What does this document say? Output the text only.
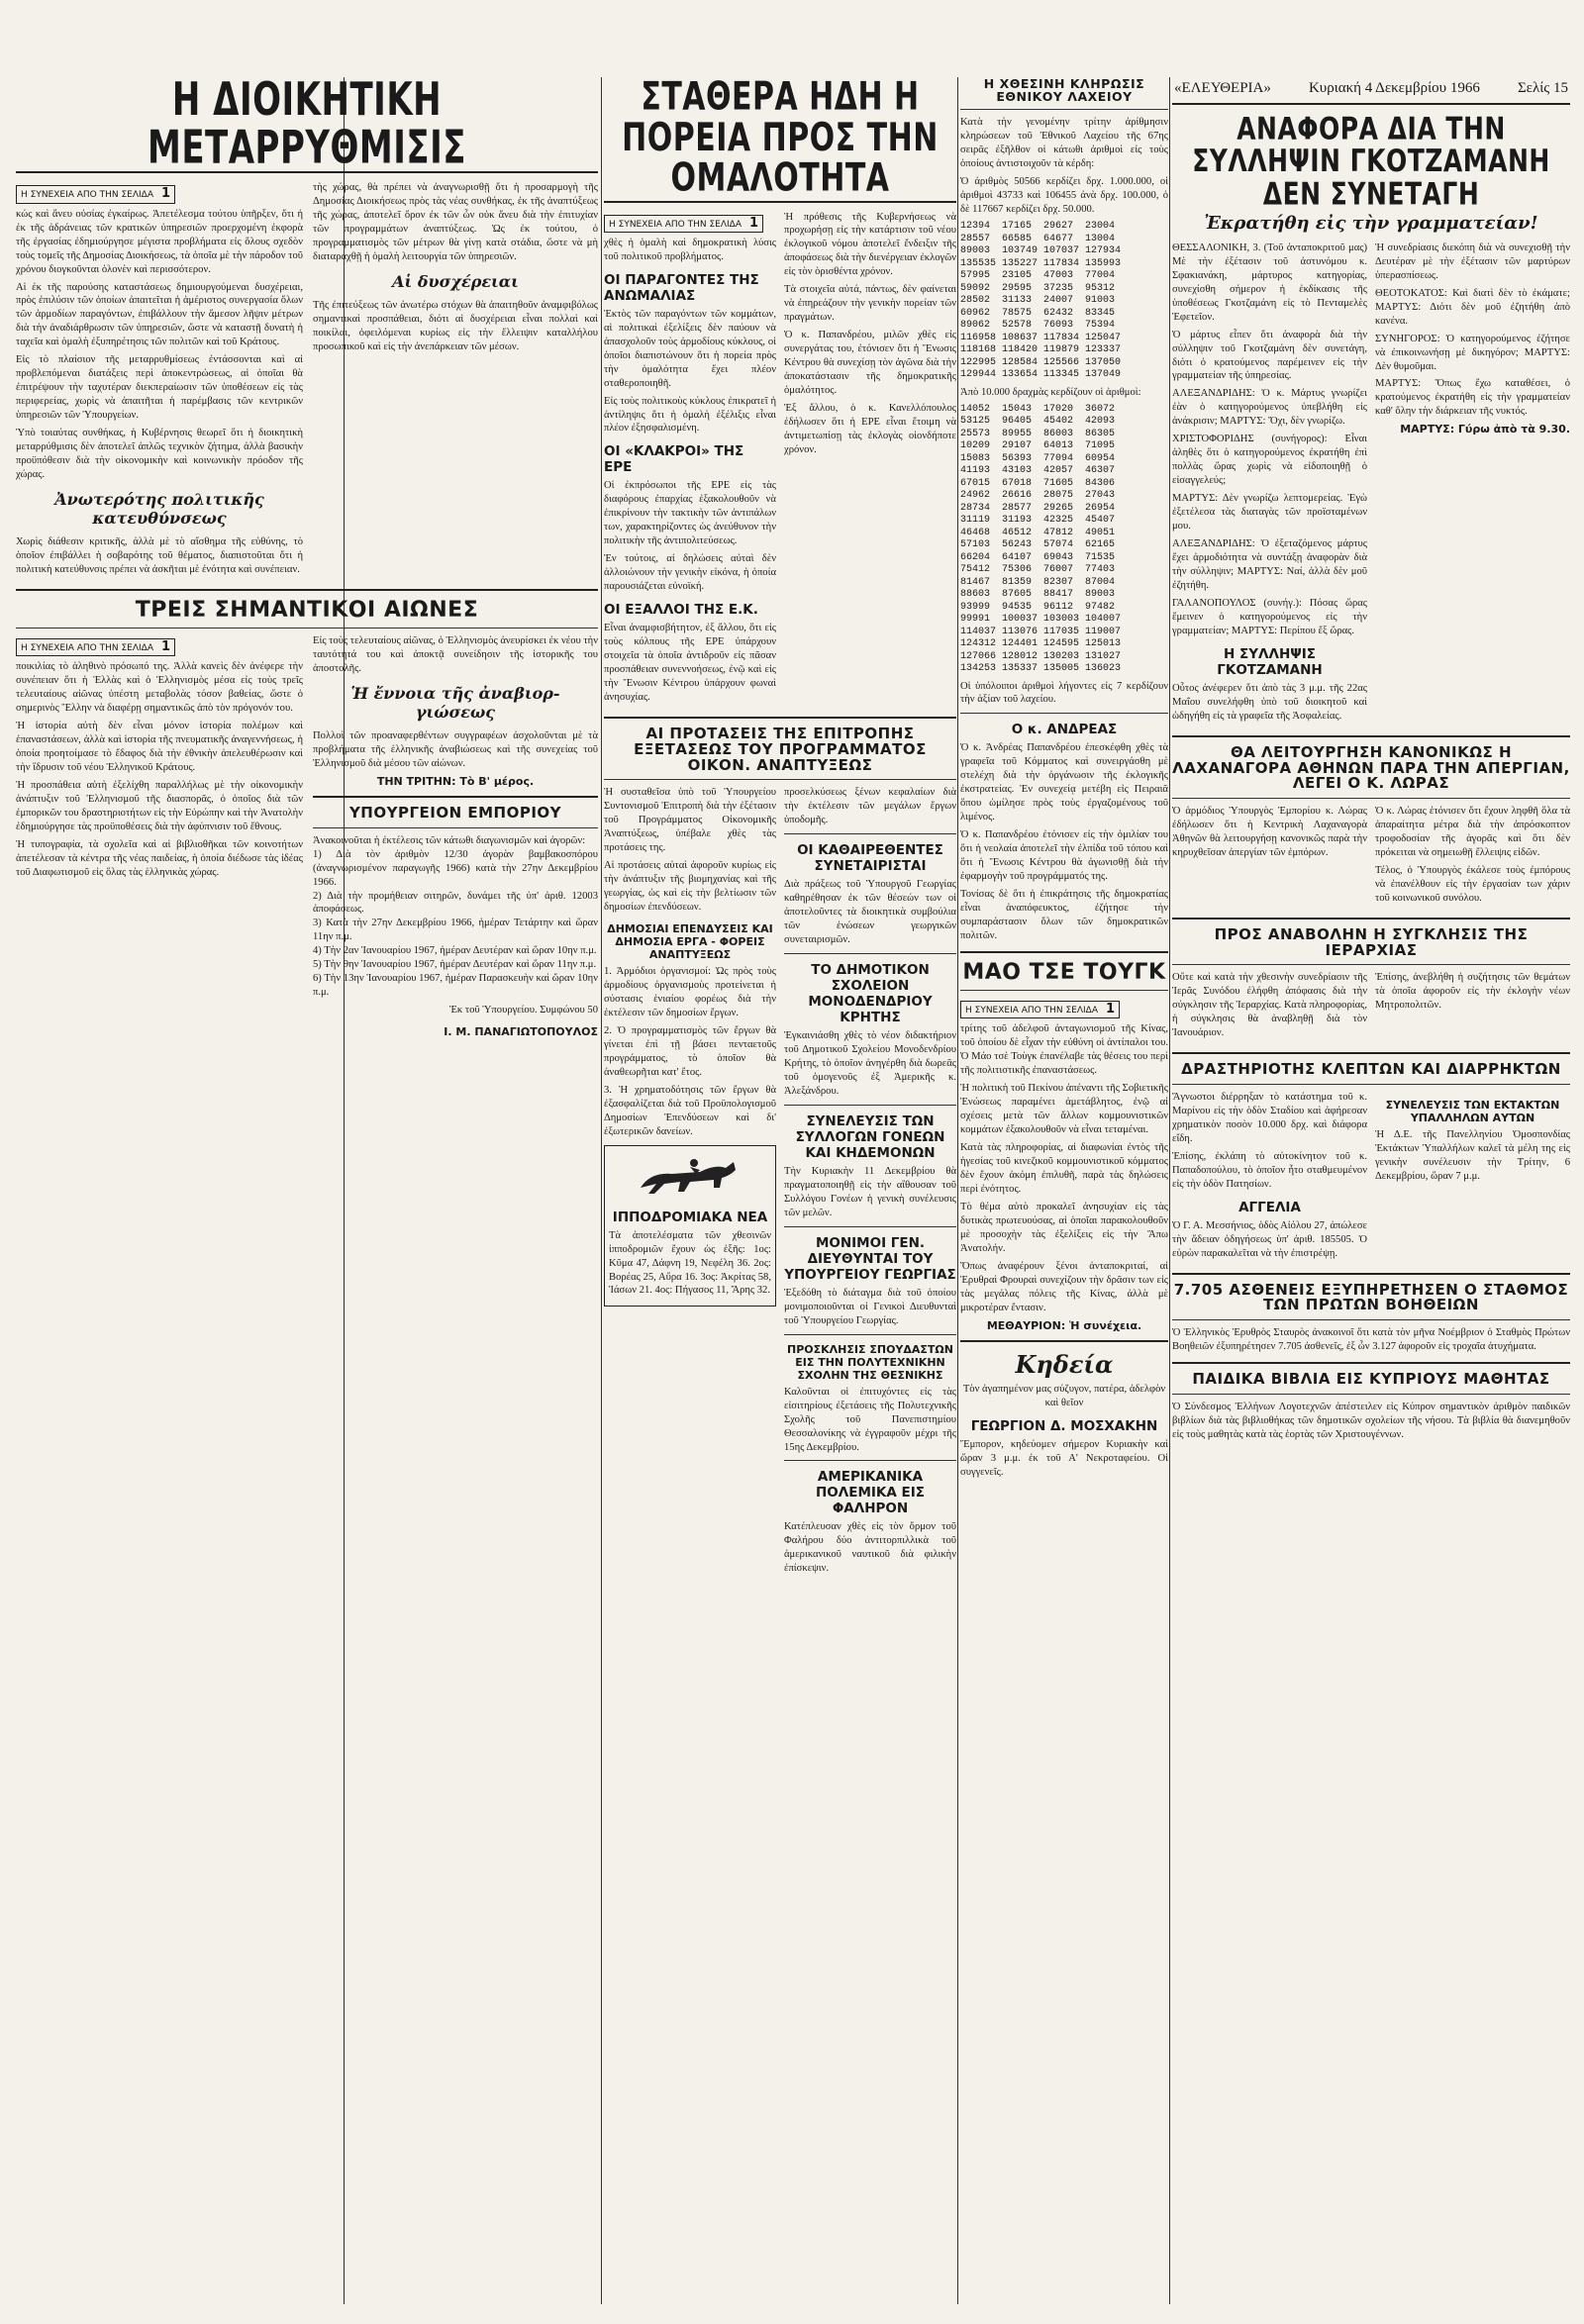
«ΕΛΕΥΘΕΡΙΑ»	Κυριακή 4 Δεκεμβρίου 1966	Σελίς 15
Η ΔΙΟΙΚΗΤΙΚΗ ΜΕΤΑΡΡΥΘΜΙΣΙΣ
Η ΣΥΝΕΧΕΙΑ ΑΠΟ ΤΗΝ ΣΕΛΙΔΑ 1

κώς καὶ ἄνευ οὐσίας ἐγκαίρως. Ἀπετέλεσμα τούτου ὑπῆρξεν, ὅτι ἡ ἐκ τῆς ἀδράνειας τῶν κρατικῶν ὑπηρεσιῶν προερχομένη ἐκφορὰ τῆς ἐργασίας ἐδημιούργησε μέγιστα προβλήματα εἰς ὅλους σχεδὸν τοὺς τομεῖς τῆς Δημοσίας Διοικήσεως, τὰ ὁποῖα μὲ τὴν πάροδον τοῦ χρόνου διογκοῦνται ὁλονὲν καὶ περισσότερον.

Αἱ ἐκ τῆς παρούσης καταστάσεως δημιουργούμεναι δυσχέρειαι, πρὸς ἐπιλύσιν τῶν ὁποίων ἀπαιτεῖται ἡ ἀμέριστος συνεργασία ὅλων τῶν ἁρμοδίων παραγόντων, ἐπιβάλλουν τὴν ἄμεσον λῆψιν μέτρων διὰ τὴν ἀναδιάρθρωσιν τῶν ὑπηρεσιῶν, ὥστε νὰ καταστῇ δυνατὴ ἡ ταχεῖα καὶ ὁμαλὴ ἐξυπηρέτησις τῶν πολιτῶν καὶ τοῦ Κράτους.

Εἰς τὸ πλαίσιον τῆς μεταρρυθμίσεως ἐντάσσονται καὶ αἱ προβλεπόμεναι διατάξεις περὶ ἀποκεντρώσεως, αἱ ὁποῖαι θὰ ἐπιτρέψουν τὴν ταχυτέραν διεκπεραίωσιν τῶν ὑποθέσεων εἰς τὰς περιφερείας, χωρὶς νὰ ἀπαιτῆται ἡ παρέμβασις τῶν κεντρικῶν ὑπηρεσιῶν τῶν Ὑπουργείων.

Ὑπὸ τοιαύτας συνθήκας, ἡ Κυβέρνησις θεωρεῖ ὅτι ἡ διοικητικὴ μεταρρύθμισις δὲν ἀποτελεῖ ἁπλῶς τεχνικὸν ζήτημα, ἀλλὰ βασικὴν προϋπόθεσιν διὰ τὴν οἰκονομικὴν καὶ κοινωνικὴν πρόοδον τῆς χώρας.

Ἀνωτερότης πολιτικῆς κατευθύνσεως

Χωρὶς διάθεσιν κριτικῆς, ἀλλὰ μὲ τὸ αἴσθημα τῆς εὐθύνης, τὸ ὁποῖον ἐπιβάλλει ἡ σοβαρότης τοῦ θέματος, διαπιστοῦται ὅτι ἡ πολιτικὴ κατεύθυνσις πρέπει νὰ ἀσκῆται μὲ ἐνότητα καὶ συνέπειαν.

τὴς χώρας, θὰ πρέπει νὰ ἀναγνωρισθῇ ὅτι ἡ προσαρμογὴ τῆς Δημοσίας Διοικήσεως πρὸς τὰς νέας συνθήκας, ἐκ τῆς ἀναπτύξεως τῆς χώρας, ἀποτελεῖ ὄρον ἐκ τῶν ὧν οὐκ ἄνευ διὰ τὴν ἐπιτυχίαν τῶν προγραμμάτων ἀναπτύξεως. Ὡς ἐκ τούτου, ὁ προγραμματισμὸς τῶν μέτρων θὰ γίνῃ κατὰ στάδια, ὥστε νὰ μὴ διαταραχθῇ ἡ ὁμαλὴ λειτουργία τῶν ὑπηρεσιῶν.

Αἱ δυσχέρειαι

Τῆς ἐπιτεύξεως τῶν ἀνωτέρω στόχων θὰ ἀπαιτηθοῦν ἀναμφιβόλως σημαντικαὶ προσπάθειαι, διότι αἱ δυσχέρειαι εἶναι πολλαὶ καὶ ποικίλαι, ὀφειλόμεναι κυρίως εἰς τὴν ἔλλειψιν καταλλήλου προσωπικοῦ καὶ εἰς τὴν ἀνεπάρκειαν τῶν μέσων.

ΤΡΕΙΣ ΣΗΜΑΝΤΙΚΟΙ ΑΙΩΝΕΣ
Η ΣΥΝΕΧΕΙΑ ΑΠΟ ΤΗΝ ΣΕΛΙΔΑ 1

ποικιλίας τὸ ἀληθινὸ πρόσωπό της. Ἀλλὰ κανεὶς δὲν ἀνέφερε τὴν συνέπειαν ὅτι ἡ Ἑλλὰς καὶ ὁ Ἑλληνισμὸς μέσα εἰς τοὺς τρεῖς τελευταίους αἰῶνας ὑπέστη μεταβολὰς τόσον βαθείας, ὥστε ὁ σημερινὸς Ἕλλην νὰ διαφέρῃ σημαντικῶς ἀπὸ τὸν πρόγονόν του.

Ἡ ἱστορία αὐτὴ δὲν εἶναι μόνον ἱστορία πολέμων καὶ ἐπαναστάσεων, ἀλλὰ καὶ ἱστορία τῆς πνευματικῆς ἀναγεννήσεως, ἡ ὁποία προητοίμασε τὸ ἔδαφος διὰ τὴν ἐθνικὴν ἀπελευθέρωσιν καὶ τὴν ἵδρυσιν τοῦ νέου Ἑλληνικοῦ Κράτους.

Ἡ προσπάθεια αὐτὴ ἐξελίχθη παραλλήλως μὲ τὴν οἰκονομικὴν ἀνάπτυξιν τοῦ Ἑλληνισμοῦ τῆς διασπορᾶς, ὁ ὁποῖος διὰ τῶν ἐμπορικῶν του δραστηριοτήτων εἰς τὴν Εὐρώπην καὶ τὴν Ἀνατολὴν ἐδημιούργησε τὰς προϋποθέσεις διὰ τὴν ἀφύπνισιν τοῦ ἔθνους.

Ἡ τυπογραφία, τὰ σχολεῖα καὶ αἱ βιβλιοθῆκαι τῶν κοινοτήτων ἀπετέλεσαν τὰ κέντρα τῆς νέας παιδείας, ἡ ὁποία διέδωσε τὰς ἰδέας τοῦ Διαφωτισμοῦ εἰς ὅλας τὰς ἑλληνικὰς χώρας.

Εἰς τοὺς τελευταίους αἰῶνας, ὁ Ἑλληνισμὸς ἀνευρίσκει ἐκ νέου τὴν ταυτότητά του καὶ ἀποκτᾷ συνείδησιν τῆς ἱστορικῆς του ἀποστολῆς.

Ἡ ἔννοια τῆς ἀναβιορ-γιώσεως

Πολλοὶ τῶν προαναφερθέντων συγγραφέων ἀσχολοῦνται μὲ τὰ προβλήματα τῆς ἑλληνικῆς ἀναβιώσεως καὶ τῆς συνεχείας τοῦ Ἑλληνισμοῦ διὰ μέσου τῶν αἰώνων.

ΤΗΝ ΤΡΙΤΗΝ: Τὸ Β' μέρος.

ΥΠΟΥΡΓΕΙΟΝ ΕΜΠΟΡΙΟΥ

Ἀνακοινοῦται ἡ ἐκτέλεσις τῶν κάτωθι διαγωνισμῶν καὶ ἀγορῶν:
1) Διὰ τὸν ἀριθμὸν 12/30 ἀγορὰν βαμβακοσπόρου (ἀναγνωρισμένον παραγωγῆς 1966) κατὰ τὴν 27ην Δεκεμβρίου 1966.
2) Διὰ τὴν προμήθειαν σιτηρῶν, δυνάμει τῆς ὑπ' ἀριθ. 12003 ἀποφάσεως.
3) Κατὰ τὴν 27ην Δεκεμβρίου 1966, ἡμέραν Τετάρτην καὶ ὥραν 11ην π.μ.
4) Τὴν 2αν Ἰανουαρίου 1967, ἡμέραν Δευτέραν καὶ ὥραν 10ην π.μ.
5) Τὴν 9ην Ἰανουαρίου 1967, ἡμέραν Δευτέραν καὶ ὥραν 11ην π.μ.
6) Τὴν 13ην Ἰανουαρίου 1967, ἡμέραν Παρασκευὴν καὶ ὥραν 10ην π.μ.

Ἐκ τοῦ Ὑπουργείου. Συμφώνου 50

Ι. Μ. ΠΑΝΑΓΙΩΤΟΠΟΥΛΟΣ

ΣΤΑΘΕΡΑ ΗΔΗ Η ΠΟΡΕΙΑ ΠΡΟΣ ΤΗΝ ΟΜΑΛΟΤΗΤΑ
Η ΣΥΝΕΧΕΙΑ ΑΠΟ ΤΗΝ ΣΕΛΙΔΑ 1

χθὲς ἡ ὁμαλὴ καὶ δημοκρατικὴ λύσις τοῦ πολιτικοῦ προβλήματος.

ΟΙ ΠΑΡΑΓΟΝΤΕΣ ΤΗΣ ΑΝΩΜΑΛΙΑΣ

Ἐκτὸς τῶν παραγόντων τῶν κομμάτων, αἱ πολιτικαὶ ἐξελίξεις δὲν παύουν νὰ ἀπασχολοῦν τοὺς ἀρμοδίους κύκλους, οἱ ὁποῖοι διαπιστώνουν ὅτι ἡ πορεία πρὸς τὴν ὁμαλότητα ἔχει πλέον σταθεροποιηθῆ.

Εἰς τοὺς πολιτικοὺς κύκλους ἐπικρατεῖ ἡ ἀντίληψις ὅτι ἡ ὁμαλὴ ἐξέλιξις εἶναι πλέον ἐξησφαλισμένη.

ΟΙ «ΚΛΑΚΡΟΙ» ΤΗΣ ΕΡΕ

Οἱ ἐκπρόσωποι τῆς ΕΡΕ εἰς τὰς διαφόρους ἐπαρχίας ἐξακολουθοῦν νὰ ἐπικρίνουν τὴν τακτικὴν τῶν ἀντιπάλων των, χαρακτηρίζοντες ὡς ἀνεύθυνον τὴν πολιτικὴν τῆς ἀντιπολιτεύσεως.

Ἐν τούτοις, αἱ δηλώσεις αὐταὶ δὲν ἀλλοιώνουν τὴν γενικὴν εἰκόνα, ἡ ὁποία παρουσιάζεται εὐνοϊκή.

ΟΙ ΕΞΑΛΛΟΙ ΤΗΣ Ε.Κ.

Εἶναι ἀναμφισβήτητον, ἐξ ἄλλου, ὅτι εἰς τοὺς κόλπους τῆς ΕΡΕ ὑπάρχουν στοιχεῖα τὰ ὁποῖα ἀντιδροῦν εἰς πᾶσαν προσπάθειαν συνεννοήσεως, ἐνῷ καὶ εἰς τὴν Ἕνωσιν Κέντρου ὑπάρχουν φωναὶ ἀνησυχίας.

Ἡ πρόθεσις τῆς Κυβερνήσεως νὰ προχωρήσῃ εἰς τὴν κατάρτισιν τοῦ νέου ἐκλογικοῦ νόμου ἀποτελεῖ ἔνδειξιν τῆς ἀποφάσεως διὰ τὴν διενέργειαν ἐκλογῶν εἰς τὸν ὁρισθέντα χρόνον.

Τὰ στοιχεῖα αὐτά, πάντως, δὲν φαίνεται νὰ ἐπηρεάζουν τὴν γενικὴν πορείαν τῶν πραγμάτων.

Ὁ κ. Παπανδρέου, μιλῶν χθὲς εἰς συνεργάτας του, ἐτόνισεν ὅτι ἡ Ἕνωσις Κέντρου θὰ συνεχίσῃ τὸν ἀγῶνα διὰ τὴν ἀποκατάστασιν τῆς δημοκρατικῆς ὁμαλότητος.

Ἐξ ἄλλου, ὁ κ. Κανελλόπουλος ἐδήλωσεν ὅτι ἡ ΕΡΕ εἶναι ἕτοιμη νὰ ἀντιμετωπίσῃ τὰς ἐκλογὰς οἱονδήποτε χρόνον.

ΑΙ ΠΡΟΤΑΣΕΙΣ ΤΗΣ ΕΠΙΤΡΟΠΗΣ ΕΞΕΤΑΣΕΩΣ ΤΟΥ ΠΡΟΓΡΑΜΜΑΤΟΣ ΟΙΚΟΝ. ΑΝΑΠΤΥΞΕΩΣ

Ἡ συσταθεῖσα ὑπὸ τοῦ Ὑπουργείου Συντονισμοῦ Ἐπιτροπὴ διὰ τὴν ἐξέτασιν τοῦ Προγράμματος Οἰκονομικῆς Ἀναπτύξεως, ὑπέβαλε χθὲς τὰς προτάσεις της.

Αἱ προτάσεις αὐταὶ ἀφοροῦν κυρίως εἰς τὴν ἀνάπτυξιν τῆς βιομηχανίας καὶ τῆς γεωργίας, ὡς καὶ εἰς τὴν βελτίωσιν τῶν δημοσίων ἐπενδύσεων.

ΔΗΜΟΣΙΑΙ ΕΠΕΝΔΥΣΕΙΣ ΚΑΙ ΔΗΜΟΣΙΑ ΕΡΓΑ - ΦΟΡΕΙΣ ΑΝΑΠΤΥΞΕΩΣ

1. Ἀρμόδιοι ὀργανισμοί: Ὡς πρὸς τοὺς ἀρμοδίους ὀργανισμοὺς προτείνεται ἡ σύστασις ἑνιαίου φορέως διὰ τὴν ἐκτέλεσιν τῶν δημοσίων ἔργων.

2. Ὁ προγραμματισμὸς τῶν ἔργων θὰ γίνεται ἐπὶ τῇ βάσει πενταετοῦς προγράμματος, τὸ ὁποῖον θὰ ἀναθεωρῆται κατ' ἔτος.

3. Ἡ χρηματοδότησις τῶν ἔργων θὰ ἐξασφαλίζεται διὰ τοῦ Προϋπολογισμοῦ Δημοσίων Ἐπενδύσεων καὶ δι' ἐξωτερικῶν δανείων.

ΙΠΠΟΔΡΟΜΙΑΚΑ ΝΕΑ

Τὰ ἀποτελέσματα τῶν χθεσινῶν ἱπποδρομιῶν ἔχουν ὡς ἑξῆς: 1ος: Κῦμα 47, Δάφνη 19, Νεφέλη 36. 2ος: Βορέας 25, Αὔρα 16. 3ος: Ἀκρίτας 58, Ἰάσων 21. 4ος: Πήγασος 11, Ἄρης 32.

προσελκύσεως ξένων κεφαλαίων διὰ τὴν ἐκτέλεσιν τῶν μεγάλων ἔργων ὑποδομῆς.

ΟΙ ΚΑΘΑΙΡΕΘΕΝΤΕΣ ΣΥΝΕΤΑΙΡΙΣΤΑΙ

Διὰ πράξεως τοῦ Ὑπουργοῦ Γεωργίας καθηρέθησαν ἐκ τῶν θέσεών των οἱ ἀποτελοῦντες τὰ διοικητικὰ συμβούλια τῶν ἑνώσεων γεωργικῶν συνεταιρισμῶν.

ΤΟ ΔΗΜΟΤΙΚΟΝ ΣΧΟΛΕΙΟΝ ΜΟΝΟΔΕΝΔΡΙΟΥ ΚΡΗΤΗΣ

Ἐγκαινιάσθη χθὲς τὸ νέον διδακτήριον τοῦ Δημοτικοῦ Σχολείου Μονοδενδρίου Κρήτης, τὸ ὁποῖον ἀνηγέρθη διὰ δωρεᾶς τοῦ ὁμογενοῦς ἐξ Ἀμερικῆς κ. Ἀλεξάνδρου.

ΣΥΝΕΛΕΥΣΙΣ ΤΩΝ ΣΥΛΛΟΓΩΝ ΓΟΝΕΩΝ ΚΑΙ ΚΗΔΕΜΟΝΩΝ

Τὴν Κυριακὴν 11 Δεκεμβρίου θὰ πραγματοποιηθῇ εἰς τὴν αἴθουσαν τοῦ Συλλόγου Γονέων ἡ γενικὴ συνέλευσις τῶν μελῶν.

ΜΟΝΙΜΟΙ ΓΕΝ. ΔΙΕΥΘΥΝΤΑΙ ΤΟΥ ΥΠΟΥΡΓΕΙΟΥ ΓΕΩΡΓΙΑΣ

Ἐξεδόθη τὸ διάταγμα διὰ τοῦ ὁποίου μονιμοποιοῦνται οἱ Γενικοὶ Διευθυνταὶ τοῦ Ὑπουργείου Γεωργίας.

ΠΡΟΣΚΛΗΣΙΣ ΣΠΟΥΔΑΣΤΩΝ ΕΙΣ ΤΗΝ ΠΟΛΥΤΕΧΝΙΚΗΝ ΣΧΟΛΗΝ ΤΗΣ ΘΕΣΝΙΚΗΣ

Καλοῦνται οἱ ἐπιτυχόντες εἰς τὰς εἰσιτηρίους ἐξετάσεις τῆς Πολυτεχνικῆς Σχολῆς τοῦ Πανεπιστημίου Θεσσαλονίκης νὰ ἐγγραφοῦν μέχρι τῆς 15ης Δεκεμβρίου.

ΑΜΕΡΙΚΑΝΙΚΑ ΠΟΛΕΜΙΚΑ ΕΙΣ ΦΑΛΗΡΟΝ

Κατέπλευσαν χθὲς εἰς τὸν ὅρμον τοῦ Φαλήρου δύο ἀντιτορπιλλικὰ τοῦ ἀμερικανικοῦ ναυτικοῦ διὰ φιλικὴν ἐπίσκεψιν.

Η ΧΘΕΣΙΝΗ ΚΛΗΡΩΣΙΣ ΕΘΝΙΚΟΥ ΛΑΧΕΙΟΥ

Κατὰ τὴν γενομένην τρίτην ἀρίθμησιν κληρώσεων τοῦ Ἐθνικοῦ Λαχείου τῆς 67ης σειρᾶς ἐξῆλθον οἱ κάτωθι ἀριθμοὶ εἰς τοὺς ὁποίους ἀντιστοιχοῦν τὰ κέρδη:

Ὁ ἀριθμὸς 50566 κερδίζει δρχ. 1.000.000, οἱ ἀριθμοὶ 43733 καὶ 106455 ἀνὰ δρχ. 100.000, ὁ δὲ 117667 κερδίζει δρχ. 50.000.

12394  17165  29627  23004
28557  66585  64677  13004
89003  103749 107037 127934
135535 135227 117834 135993
57995  23105  47003  77004
59092  29595  37235  95312
28502  31133  24007  91003
60962  78575  62432  83345
89062  52578  76093  75394
116958 108637 117834 125047
118168 118420 119879 123337
122995 128584 125566 137050
129944 133654 113345 137049

Ἀπὸ 10.000 δραχμὰς κερδίζουν οἱ ἀριθμοὶ:

14052  15043  17020  36072
53125  96405  45402  42093
25573  89955  86003  86305
10209  29107  64013  71095
15083  56393  77094  60954
41193  43103  42057  46307
67015  67018  71605  84306
24962  26616  28075  27043
28734  28577  29265  26954
31119  31193  42325  45407
46468  46512  47812  49051
57103  56243  57074  62165
66204  64107  69043  71535
75412  75306  76007  77403
81467  81359  82307  87004
88603  87605  88417  89003
93999  94535  96112  97482
99991  100037 103003 104007
114037 113076 117035 119007
124312 124401 124595 125013
127066 128012 130203 131027
134253 135337 135005 136023

Οἱ ὑπόλοιποι ἀριθμοὶ λήγοντες εἰς 7 κερδίζουν τὴν ἀξίαν τοῦ λαχείου.

Ο κ. ΑΝΔΡΕΑΣ

Ὁ κ. Ἀνδρέας Παπανδρέου ἐπεσκέφθη χθὲς τὰ γραφεῖα τοῦ Κόμματος καὶ συνειργάσθη μὲ στελέχη διὰ τὴν ὀργάνωσιν τῆς ἐκλογικῆς ἐκστρατείας. Ἐν συνεχείᾳ μετέβη εἰς Πειραιᾶ ὅπου ὡμίλησε πρὸς τοὺς ἐργαζομένους τοῦ λιμένος.

Ὁ κ. Παπανδρέου ἐτόνισεν εἰς τὴν ὁμιλίαν του ὅτι ἡ νεολαία ἀποτελεῖ τὴν ἐλπίδα τοῦ τόπου καὶ ὅτι ἡ Ἕνωσις Κέντρου θὰ ἀγωνισθῇ διὰ τὴν ἐφαρμογὴν τοῦ προγράμματός της.

Τονίσας δὲ ὅτι ἡ ἐπικράτησις τῆς δημοκρατίας εἶναι ἀναπόφευκτος, ἐζήτησε τὴν συμπαράστασιν ὅλων τῶν δημοκρατικῶν πολιτῶν.

ΜΑΟ ΤΣΕ ΤΟΥΓΚ
Η ΣΥΝΕΧΕΙΑ ΑΠΟ ΤΗΝ ΣΕΛΙΔΑ 1

τρίτης τοῦ ἀδελφοῦ ἀνταγωνισμοῦ τῆς Κίνας, τοῦ ὁποίου δὲ εἶχαν τὴν εὐθύνη οἱ ἀντίπαλοι του. Ὁ Μάο τσὲ Τοὺγκ ἐπανέλαβε τὰς θέσεις του περὶ τῆς πολιτιστικῆς ἐπαναστάσεως.

Ἡ πολιτικὴ τοῦ Πεκίνου ἀπέναντι τῆς Σοβιετικῆς Ἑνώσεως παραμένει ἀμετάβλητος, ἐνῷ αἱ σχέσεις μετὰ τῶν ἄλλων κομμουνιστικῶν κομμάτων ἐξακολουθοῦν νὰ εἶναι τεταμέναι.

Κατὰ τὰς πληροφορίας, αἱ διαφωνίαι ἐντὸς τῆς ἡγεσίας τοῦ κινεζικοῦ κομμουνιστικοῦ κόμματος δὲν ἔχουν ἀκόμη ἐπιλυθῆ, παρὰ τὰς δηλώσεις περὶ ἐνότητος.

Τὸ θέμα αὐτὸ προκαλεῖ ἀνησυχίαν εἰς τὰς δυτικὰς πρωτευούσας, αἱ ὁποῖαι παρακολουθοῦν μὲ προσοχὴν τὰς ἐξελίξεις εἰς τὴν Ἄπω Ἀνατολήν.

Ὅπως ἀναφέρουν ξένοι ἀνταποκριταί, αἱ Ἐρυθραὶ Φρουραὶ συνεχίζουν τὴν δρᾶσιν των εἰς τὰς μεγάλας πόλεις τῆς Κίνας, ἀλλὰ μὲ μικροτέραν ἔντασιν.

ΜΕΘΑΥΡΙΟΝ: Ἡ συνέχεια.

Κηδεία

Τὸν ἀγαπημένον μας σύζυγον, πατέρα, ἀδελφὸν καὶ θεῖον

ΓΕΩΡΓΙΟΝ Δ. ΜΟΣΧΑΚΗΝ

Ἔμπορον, κηδεύομεν σήμερον Κυριακὴν καὶ ὥραν 3 μ.μ. ἐκ τοῦ Α' Νεκροταφείου. Οἱ συγγενεῖς.

ΑΝΑΦΟΡΑ ΔΙΑ ΤΗΝ ΣΥΛΛΗΨΙΝ ΓΚΟΤΖΑΜΑΝΗ ΔΕΝ ΣΥΝΕΤΑΓΗ
Ἐκρατήθη εἰς τὴν γραμματείαν!

ΘΕΣΣΑΛΟΝΙΚΗ, 3. (Τοῦ ἀνταποκριτοῦ μας) Μὲ τὴν ἐξέτασιν τοῦ ἀστυνόμου κ. Σφακιανάκη, μάρτυρος κατηγορίας, συνεχίσθη σήμερον ἡ ἐκδίκασις τῆς ὑποθέσεως Γκοτζαμάνη εἰς τὸ Πενταμελὲς Ἐφετεῖον.

Ὁ μάρτυς εἶπεν ὅτι ἀναφορὰ διὰ τὴν σύλληψιν τοῦ Γκοτζαμάνη δὲν συνετάγη, διότι ὁ κρατούμενος παρέμεινεν εἰς τὴν γραμματείαν τῆς ὑπηρεσίας.

ΑΛΕΞΑΝΔΡΙΔΗΣ: Ὁ κ. Μάρτυς γνωρίζει ἐὰν ὁ κατηγορούμενος ὑπεβλήθη εἰς ἀνάκρισιν; ΜΑΡΤΥΣ: Ὄχι, δὲν γνωρίζω.

ΧΡΙΣΤΟΦΟΡΙΔΗΣ (συνήγορος): Εἶναι ἀληθὲς ὅτι ὁ κατηγορούμενος ἐκρατήθη ἐπὶ πολλὰς ὥρας χωρὶς νὰ εἰδοποιηθῇ ὁ εἰσαγγελεύς;

ΜΑΡΤΥΣ: Δὲν γνωρίζω λεπτομερείας. Ἐγὼ ἐξετέλεσα τὰς διαταγὰς τῶν προϊσταμένων μου.

ΑΛΕΞΑΝΔΡΙΔΗΣ: Ὁ ἐξεταζόμενος μάρτυς ἔχει ἀρμοδιότητα νὰ συντάξῃ ἀναφορὰν διὰ τὴν σύλληψιν; ΜΑΡΤΥΣ: Ναί, ἀλλὰ δὲν μοῦ ἐζητήθη.

ΓΑΛΑΝΟΠΟΥΛΟΣ (συνήγ.): Πόσας ὥρας ἔμεινεν ὁ κατηγορούμενος εἰς τὴν γραμματείαν; ΜΑΡΤΥΣ: Περίπου ἕξ ὥρας.

Η ΣΥΛΛΗΨΙΣ ΓΚΟΤΖΑΜΑΝΗ

Οὗτος ἀνέφερεν ὅτι ἀπὸ τὰς 3 μ.μ. τῆς 22ας Μαΐου συνελήφθη ὑπὸ τοῦ διοικητοῦ καὶ ὡδηγήθη εἰς τὰ γραφεῖα τῆς Ἀσφαλείας.

Ἡ συνεδρίασις διεκόπη διὰ νὰ συνεχισθῇ τὴν Δευτέραν μὲ τὴν ἐξέτασιν τῶν μαρτύρων ὑπερασπίσεως.

ΘΕΟΤΟΚΑΤΟΣ: Καὶ διατὶ δὲν τὸ ἐκάματε; ΜΑΡΤΥΣ: Διότι δὲν μοῦ ἐζητήθη ἀπὸ κανένα.

ΣΥΝΗΓΟΡΟΣ: Ὁ κατηγορούμενος ἐζήτησε νὰ ἐπικοινωνήσῃ μὲ δικηγόρον; ΜΑΡΤΥΣ: Δὲν θυμοῦμαι.

ΜΑΡΤΥΣ: Ὅπως ἔχω καταθέσει, ὁ κρατούμενος ἐκρατήθη εἰς τὴν γραμματείαν καθ' ὅλην τὴν διάρκειαν τῆς νυκτός.

ΜΑΡΤΥΣ: Γύρω ἀπὸ τὰ 9.30.

ΘΑ ΛΕΙΤΟΥΡΓΗΣΗ ΚΑΝΟΝΙΚΩΣ Η ΛΑΧΑΝΑΓΟΡΑ ΑΘΗΝΩΝ ΠΑΡΑ ΤΗΝ ΑΠΕΡΓΙΑΝ, ΛΕΓΕΙ Ο Κ. ΛΩΡΑΣ

Ὁ ἁρμόδιος Ὑπουργὸς Ἐμπορίου κ. Λώρας ἐδήλωσεν ὅτι ἡ Κεντρικὴ Λαχαναγορὰ Ἀθηνῶν θὰ λειτουργήσῃ κανονικῶς παρὰ τὴν κηρυχθεῖσαν ἀπεργίαν τῶν ἐμπόρων.

Ὁ κ. Λώρας ἐτόνισεν ὅτι ἔχουν ληφθῆ ὅλα τὰ ἀπαραίτητα μέτρα διὰ τὴν ἀπρόσκοπτον τροφοδοσίαν τῆς ἀγορᾶς καὶ ὅτι δὲν πρόκειται νὰ σημειωθῇ ἔλλειψις εἰδῶν.

Τέλος, ὁ Ὑπουργὸς ἐκάλεσε τοὺς ἐμπόρους νὰ ἐπανέλθουν εἰς τὴν ἐργασίαν των χάριν τοῦ κοινωνικοῦ συνόλου.

ΠΡΟΣ ΑΝΑΒΟΛΗΝ Η ΣΥΓΚΛΗΣΙΣ ΤΗΣ ΙΕΡΑΡΧΙΑΣ

Οὔτε καὶ κατὰ τὴν χθεσινὴν συνεδρίασιν τῆς Ἱερᾶς Συνόδου ἐλήφθη ἀπόφασις διὰ τὴν σύγκλησιν τῆς Ἱεραρχίας. Κατὰ πληροφορίας, ἡ σύγκλησις θὰ ἀναβληθῇ διὰ τὸν Ἰανουάριον.

Ἐπίσης, ἀνεβλήθη ἡ συζήτησις τῶν θεμάτων τὰ ὁποῖα ἀφοροῦν εἰς τὴν ἐκλογὴν νέων Μητροπολιτῶν.

ΔΡΑΣΤΗΡΙΟΤΗΣ ΚΛΕΠΤΩΝ ΚΑΙ ΔΙΑΡΡΗΚΤΩΝ

Ἄγνωστοι διέρρηξαν τὸ κατάστημα τοῦ κ. Μαρίνου εἰς τὴν ὁδὸν Σταδίου καὶ ἀφήρεσαν χρηματικὸν ποσὸν 10.000 δρχ. καὶ διάφορα εἴδη.

Ἐπίσης, ἐκλάπη τὸ αὐτοκίνητον τοῦ κ. Παπαδοπούλου, τὸ ὁποῖον ἦτο σταθμευμένον εἰς τὴν ὁδὸν Πατησίων.

ΑΓΓΕΛΙΑ

Ὁ Γ. Α. Μεσσήνιος, ὁδὸς Αἰόλου 27, ἀπώλεσε τὴν ἄδειαν ὁδηγήσεως ὑπ' ἀριθ. 185505. Ὁ εὑρὼν παρακαλεῖται νὰ τὴν ἐπιστρέψῃ.

ΣΥΝΕΛΕΥΣΙΣ ΤΩΝ ΕΚΤΑΚΤΩΝ ΥΠΑΛΛΗΛΩΝ ΑΥΤΩΝ

Ἡ Δ.Ε. τῆς Πανελληνίου Ὁμοσπονδίας Ἐκτάκτων Ὑπαλλήλων καλεῖ τὰ μέλη της εἰς γενικὴν συνέλευσιν τὴν Τρίτην, 6 Δεκεμβρίου, ὥραν 7 μ.μ.

7.705 ΑΣΘΕΝΕΙΣ ΕΞΥΠΗΡΕΤΗΣΕΝ Ο ΣΤΑΘΜΟΣ ΤΩΝ ΠΡΩΤΩΝ ΒΟΗΘΕΙΩΝ

Ὁ Ἑλληνικὸς Ἐρυθρὸς Σταυρὸς ἀνακοινοῖ ὅτι κατὰ τὸν μῆνα Νοέμβριον ὁ Σταθμὸς Πρώτων Βοηθειῶν ἐξυπηρέτησεν 7.705 ἀσθενεῖς, ἐξ ὧν 3.127 ἀφοροῦν εἰς τροχαῖα ἀτυχήματα.

ΠΑΙΔΙΚΑ ΒΙΒΛΙΑ ΕΙΣ ΚΥΠΡΙΟΥΣ ΜΑΘΗΤΑΣ

Ὁ Σύνδεσμος Ἑλλήνων Λογοτεχνῶν ἀπέστειλεν εἰς Κύπρον σημαντικὸν ἀριθμὸν παιδικῶν βιβλίων διὰ τὰς βιβλιοθήκας τῶν δημοτικῶν σχολείων τῆς νήσου. Τὰ βιβλία θὰ διανεμηθοῦν εἰς τοὺς μαθητὰς κατὰ τὰς ἑορτὰς τῶν Χριστουγέννων.
